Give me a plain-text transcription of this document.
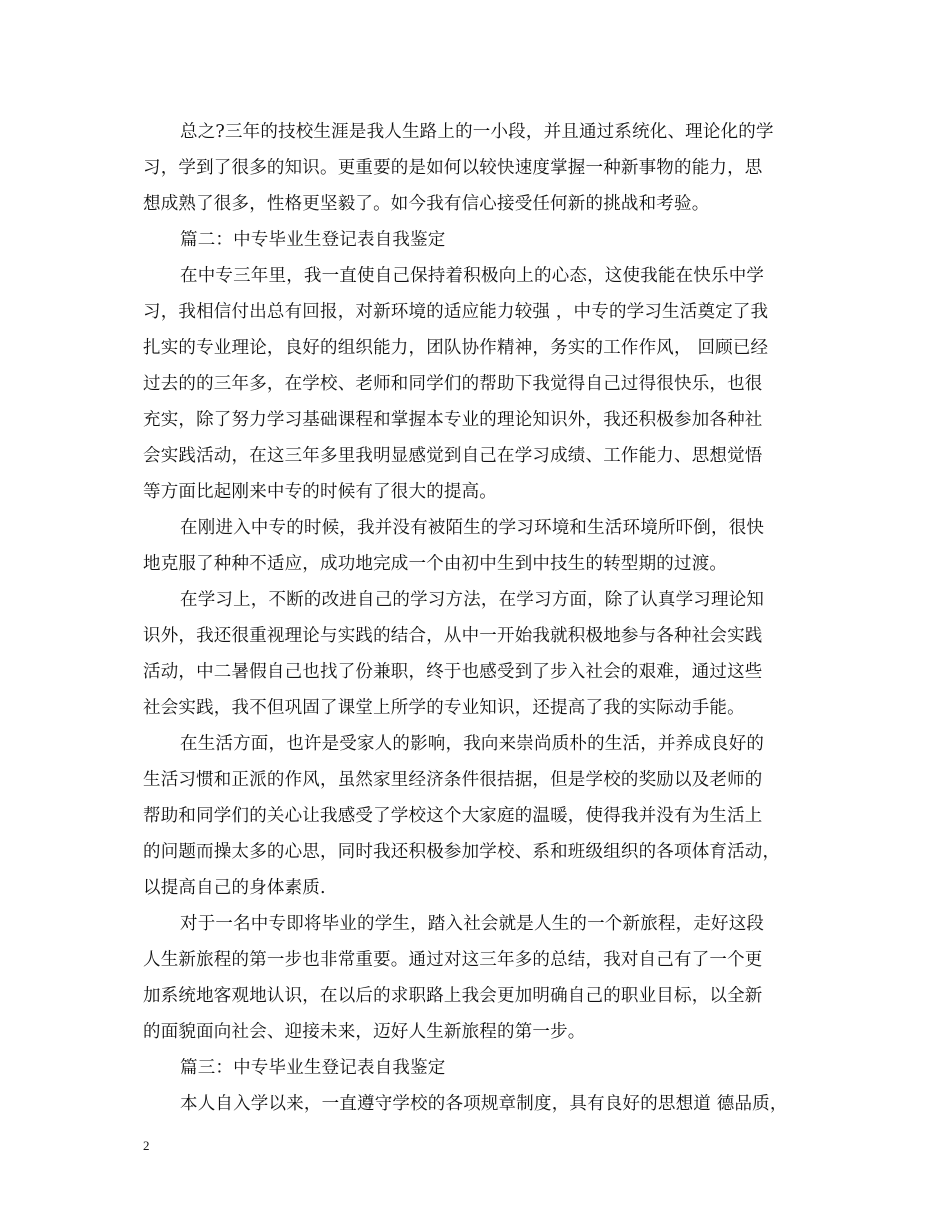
总之?三年的技校生涯是我人生路上的一小段，并且通过系统化、理论化的学
习，学到了很多的知识。更重要的是如何以较快速度掌握一种新事物的能力，思
想成熟了很多，性格更坚毅了。如今我有信心接受任何新的挑战和考验。
篇二：中专毕业生登记表自我鉴定
在中专三年里，我一直使自己保持着积极向上的心态，这使我能在快乐中学
习，我相信付出总有回报，对新环境的适应能力较强 ，中专的学习生活奠定了我
扎实的专业理论，良好的组织能力，团队协作精神，务实的工作作风， 回顾已经
过去的的三年多，在学校、老师和同学们的帮助下我觉得自己过得很快乐，也很
充实，除了努力学习基础课程和掌握本专业的理论知识外，我还积极参加各种社
会实践活动，在这三年多里我明显感觉到自己在学习成绩、工作能力、思想觉悟
等方面比起刚来中专的时候有了很大的提高。
在刚进入中专的时候，我并没有被陌生的学习环境和生活环境所吓倒，很快
地克服了种种不适应，成功地完成一个由初中生到中技生的转型期的过渡。
在学习上，不断的改进自己的学习方法，在学习方面，除了认真学习理论知
识外，我还很重视理论与实践的结合，从中一开始我就积极地参与各种社会实践
活动，中二暑假自己也找了份兼职，终于也感受到了步入社会的艰难，通过这些
社会实践，我不但巩固了课堂上所学的专业知识，还提高了我的实际动手能。
在生活方面，也许是受家人的影响，我向来崇尚质朴的生活，并养成良好的
生活习惯和正派的作风，虽然家里经济条件很拮据，但是学校的奖励以及老师的
帮助和同学们的关心让我感受了学校这个大家庭的温暖，使得我并没有为生活上
的问题而操太多的心思，同时我还积极参加学校、系和班级组织的各项体育活动，
以提高自己的身体素质.
对于一名中专即将毕业的学生，踏入社会就是人生的一个新旅程，走好这段
人生新旅程的第一步也非常重要。通过对这三年多的总结，我对自己有了一个更
加系统地客观地认识，在以后的求职路上我会更加明确自己的职业目标，以全新
的面貌面向社会、迎接未来，迈好人生新旅程的第一步。
篇三：中专毕业生登记表自我鉴定
本人自入学以来，一直遵守学校的各项规章制度，具有良好的思想道 德品质，
2
